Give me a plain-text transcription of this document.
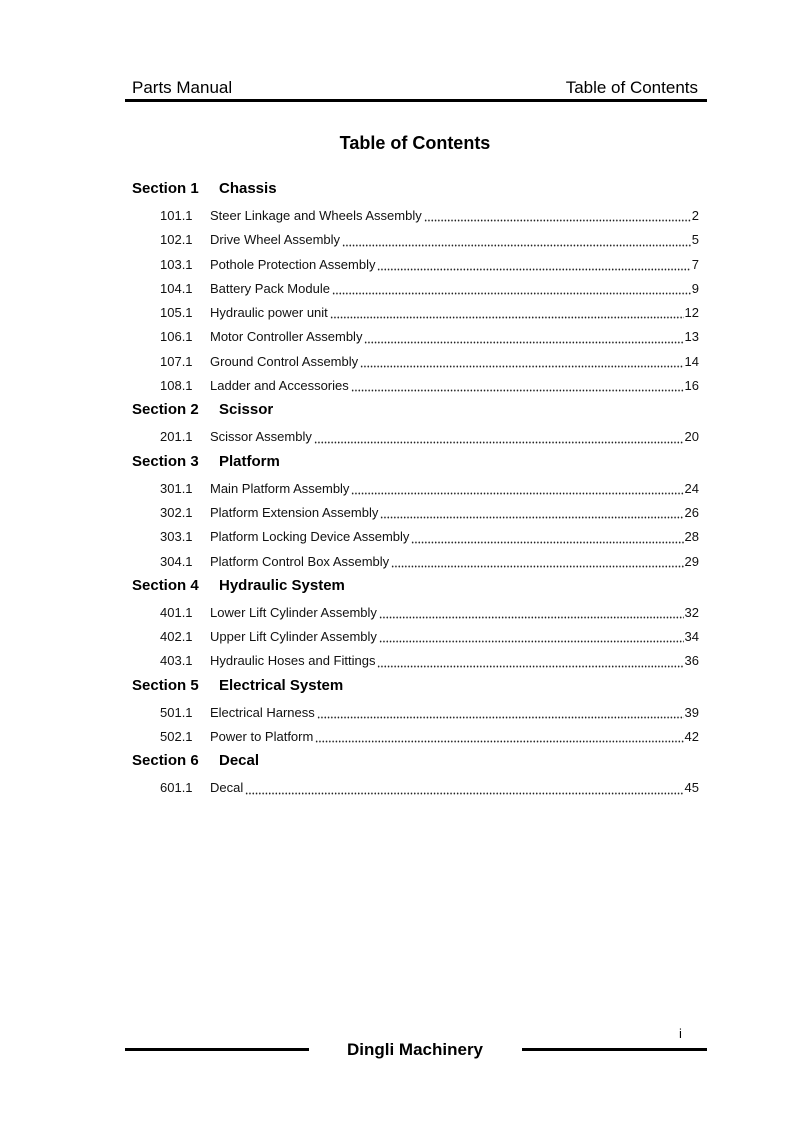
Parts Manual	Table of Contents
Table of Contents
Section 1	Chassis
101.1	Steer Linkage and Wheels Assembly	2
102.1	Drive Wheel Assembly	5
103.1	Pothole Protection Assembly	7
104.1	Battery Pack Module	9
105.1	Hydraulic power unit	12
106.1	Motor Controller Assembly	13
107.1	Ground Control Assembly	14
108.1	Ladder and Accessories	16
Section 2	Scissor
201.1	Scissor Assembly	20
Section 3	Platform
301.1	Main Platform Assembly	24
302.1	Platform Extension Assembly	26
303.1	Platform Locking Device Assembly	28
304.1	Platform Control Box Assembly	29
Section 4	Hydraulic System
401.1	Lower Lift Cylinder Assembly	32
402.1	Upper Lift Cylinder Assembly	34
403.1	Hydraulic Hoses and Fittings	36
Section 5	Electrical System
501.1	Electrical Harness	39
502.1	Power to Platform	42
Section 6	Decal
601.1	Decal	45
i
Dingli Machinery
